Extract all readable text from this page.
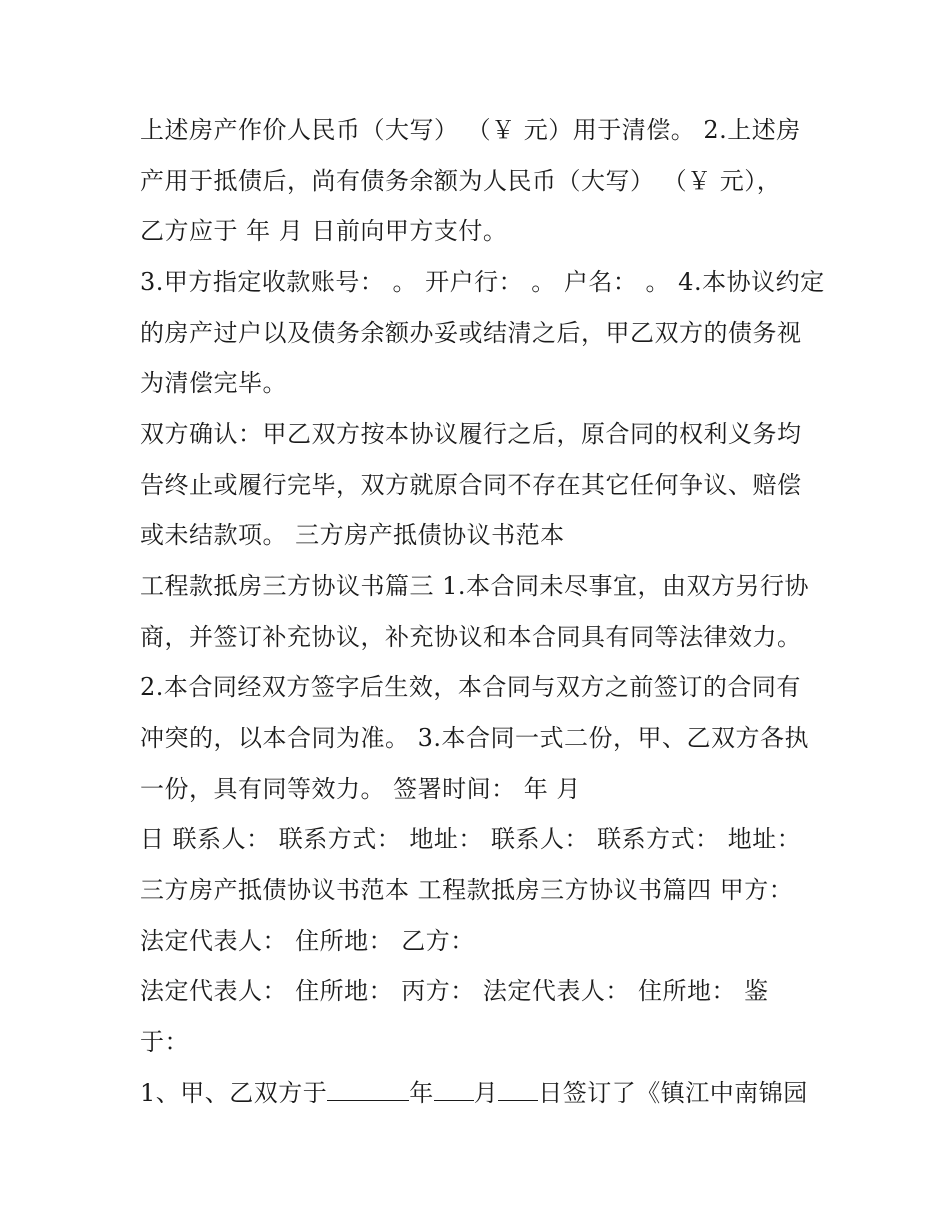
上述房产作价人民币（大写） （￥ 元）用于清偿。 2.上述房
产用于抵债后，尚有债务余额为人民币（大写） （￥ 元），
乙方应于 年 月 日前向甲方支付。
3.甲方指定收款账号： 。 开户行： 。 户名： 。 4.本协议约定
的房产过户以及债务余额办妥或结清之后，甲乙双方的债务视
为清偿完毕。
双方确认：甲乙双方按本协议履行之后，原合同的权利义务均
告终止或履行完毕，双方就原合同不存在其它任何争议、赔偿
或未结款项。 三方房产抵债协议书范本
工程款抵房三方协议书篇三 1.本合同未尽事宜，由双方另行协
商，并签订补充协议，补充协议和本合同具有同等法律效力。
2.本合同经双方签字后生效，本合同与双方之前签订的合同有
冲突的，以本合同为准。 3.本合同一式二份，甲、乙双方各执
一份，具有同等效力。 签署时间： 年 月
日 联系人： 联系方式： 地址： 联系人： 联系方式： 地址：
三方房产抵债协议书范本 工程款抵房三方协议书篇四 甲方：
法定代表人： 住所地： 乙方：
法定代表人： 住所地： 丙方： 法定代表人： 住所地： 鉴
于：
1、甲、乙双方于	年 月 日签订了《镇江中南锦园
